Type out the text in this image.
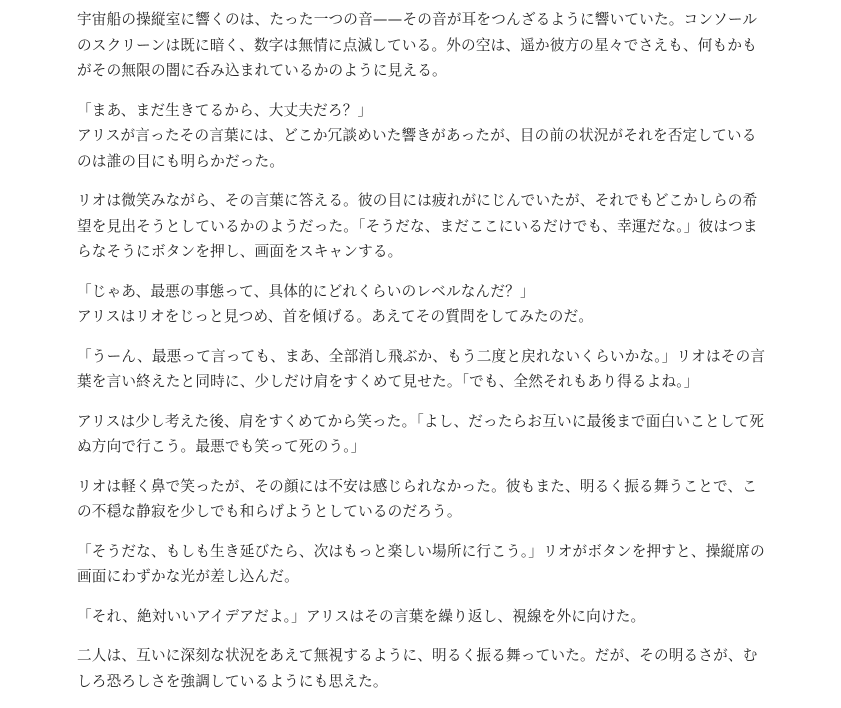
宇宙船の操縦室に響くのは、たった一つの音——その音が耳をつんざるように響いていた。コンソールのスクリーンは既に暗く、数字は無情に点滅している。外の空は、遥か彼方の星々でさえも、何もかもがその無限の闇に呑み込まれているかのように見える。

「まあ、まだ生きてるから、大丈夫だろ？」
アリスが言ったその言葉には、どこか冗談めいた響きがあったが、目の前の状況がそれを否定しているのは誰の目にも明らかだった。

リオは微笑みながら、その言葉に答える。彼の目には疲れがにじんでいたが、それでもどこかしらの希望を見出そうとしているかのようだった。「そうだな、まだここにいるだけでも、幸運だな。」彼はつまらなそうにボタンを押し、画面をスキャンする。

「じゃあ、最悪の事態って、具体的にどれくらいのレベルなんだ？」
アリスはリオをじっと見つめ、首を傾げる。あえてその質問をしてみたのだ。

「うーん、最悪って言っても、まあ、全部消し飛ぶか、もう二度と戻れないくらいかな。」リオはその言葉を言い終えたと同時に、少しだけ肩をすくめて見せた。「でも、全然それもあり得るよね。」

アリスは少し考えた後、肩をすくめてから笑った。「よし、だったらお互いに最後まで面白いことして死ぬ方向で行こう。最悪でも笑って死のう。」

リオは軽く鼻で笑ったが、その顔には不安は感じられなかった。彼もまた、明るく振る舞うことで、この不穏な静寂を少しでも和らげようとしているのだろう。

「そうだな、もしも生き延びたら、次はもっと楽しい場所に行こう。」リオがボタンを押すと、操縦席の画面にわずかな光が差し込んだ。

「それ、絶対いいアイデアだよ。」アリスはその言葉を繰り返し、視線を外に向けた。

二人は、互いに深刻な状況をあえて無視するように、明るく振る舞っていた。だが、その明るさが、むしろ恐ろしさを強調しているようにも思えた。
